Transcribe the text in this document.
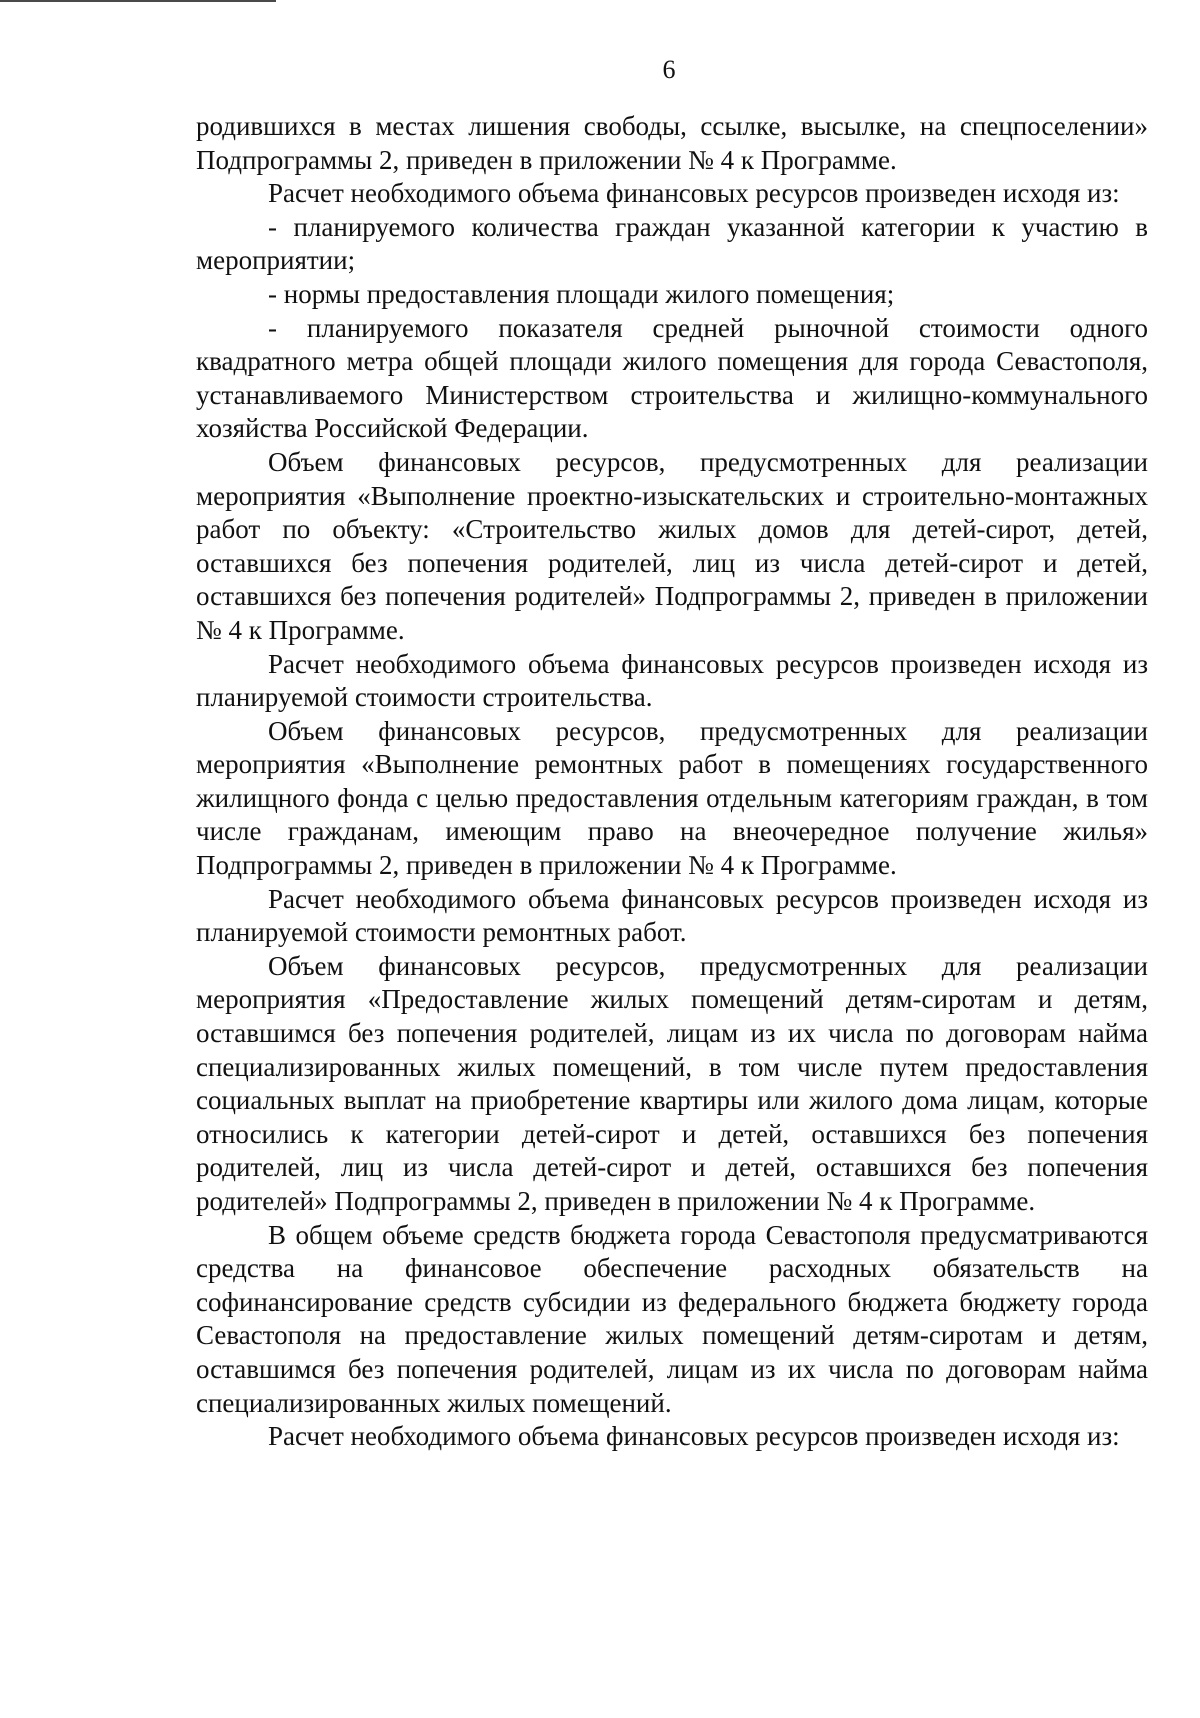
6

родившихся в местах лишения свободы, ссылке, высылке, на спецпоселении» Подпрограммы 2, приведен в приложении № 4 к Программе.

Расчет необходимого объема финансовых ресурсов произведен исходя из:

- планируемого количества граждан указанной категории к участию в мероприятии;

- нормы предоставления площади жилого помещения;

- планируемого показателя средней рыночной стоимости одного квадратного метра общей площади жилого помещения для города Севастополя, устанавливаемого Министерством строительства и жилищно-коммунального хозяйства Российской Федерации.

Объем финансовых ресурсов, предусмотренных для реализации мероприятия «Выполнение проектно-изыскательских и строительно-монтажных работ по объекту: «Строительство жилых домов для детей-сирот, детей, оставшихся без попечения родителей, лиц из числа детей-сирот и детей, оставшихся без попечения родителей» Подпрограммы 2, приведен в приложении № 4 к Программе.

Расчет необходимого объема финансовых ресурсов произведен исходя из планируемой стоимости строительства.

Объем финансовых ресурсов, предусмотренных для реализации мероприятия «Выполнение ремонтных работ в помещениях государственного жилищного фонда с целью предоставления отдельным категориям граждан, в том числе гражданам, имеющим право на внеочередное получение жилья» Подпрограммы 2, приведен в приложении № 4 к Программе.

Расчет необходимого объема финансовых ресурсов произведен исходя из планируемой стоимости ремонтных работ.

Объем финансовых ресурсов, предусмотренных для реализации мероприятия «Предоставление жилых помещений детям-сиротам и детям, оставшимся без попечения родителей, лицам из их числа по договорам найма специализированных жилых помещений, в том числе путем предоставления социальных выплат на приобретение квартиры или жилого дома лицам, которые относились к категории детей-сирот и детей, оставшихся без попечения родителей, лиц из числа детей-сирот и детей, оставшихся без попечения родителей» Подпрограммы 2, приведен в приложении № 4 к Программе.

В общем объеме средств бюджета города Севастополя предусматриваются средства на финансовое обеспечение расходных обязательств на софинансирование средств субсидии из федерального бюджета бюджету города Севастополя на предоставление жилых помещений детям-сиротам и детям, оставшимся без попечения родителей, лицам из их числа по договорам найма специализированных жилых помещений.

Расчет необходимого объема финансовых ресурсов произведен исходя из:
